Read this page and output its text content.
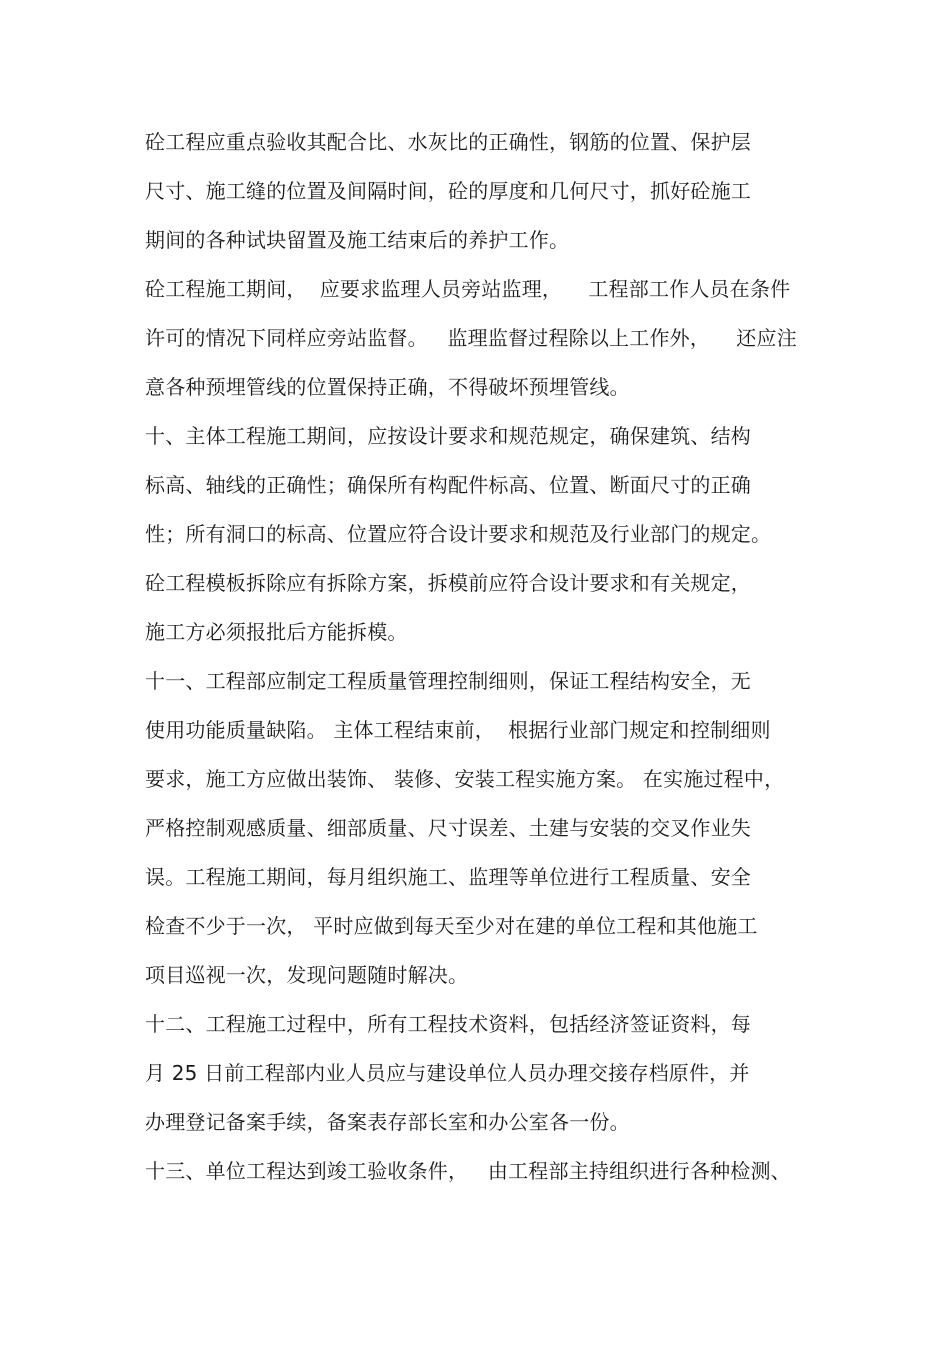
砼工程应重点验收其配合比、水灰比的正确性，钢筋的位置、保护层
尺寸、施工缝的位置及间隔时间，砼的厚度和几何尺寸，抓好砼施工
期间的各种试块留置及施工结束后的养护工作。
砼工程施工期间，  应要求监理人员旁站监理，    工程部工作人员在条件
许可的情况下同样应旁站监督。   监理监督过程除以上工作外，    还应注
意各种预埋管线的位置保持正确，不得破坏预埋管线。
十、主体工程施工期间，应按设计要求和规范规定，确保建筑、结构
标高、轴线的正确性；确保所有构配件标高、位置、断面尺寸的正确
性；所有洞口的标高、位置应符合设计要求和规范及行业部门的规定。
砼工程模板拆除应有拆除方案，拆模前应符合设计要求和有关规定，
施工方必须报批后方能拆模。
十一、工程部应制定工程质量管理控制细则，保证工程结构安全，无
使用功能质量缺陷。 主体工程结束前，  根据行业部门规定和控制细则
要求，施工方应做出装饰、 装修、安装工程实施方案。 在实施过程中，
严格控制观感质量、细部质量、尺寸误差、土建与安装的交叉作业失
误。工程施工期间，每月组织施工、监理等单位进行工程质量、安全
检查不少于一次， 平时应做到每天至少对在建的单位工程和其他施工
项目巡视一次，发现问题随时解决。
十二、工程施工过程中，所有工程技术资料，包括经济签证资料，每
月 25 日前工程部内业人员应与建设单位人员办理交接存档原件，并
办理登记备案手续，备案表存部长室和办公室各一份。
十三、单位工程达到竣工验收条件，   由工程部主持组织进行各种检测、
